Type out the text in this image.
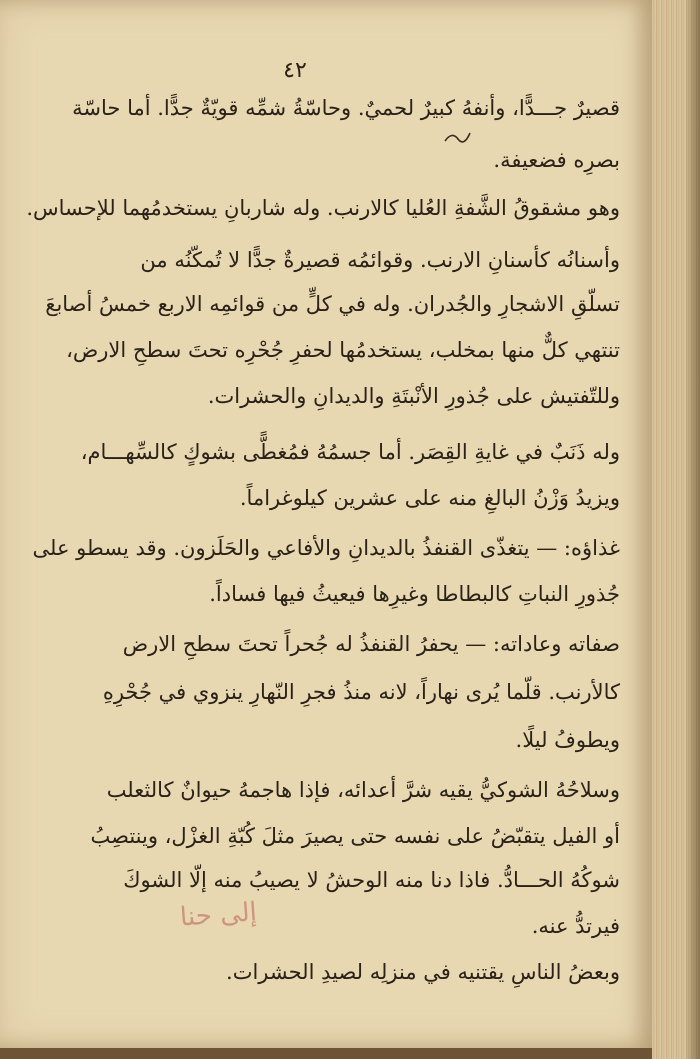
٤٢
قصيرٌ جـــدًّا، وأنفهُ كبيرٌ لحميٌ. وحاسّةُ شمِّه قويّةٌ جدًّا. أما حاسّة
بصرِه فضعيفة.
وهو مشقوقُ الشَّفةِ العُليا كالارنب. وله شاربانِ يستخدمُهما للإحساس.
وأسنانُه كأسنانِ الارنب. وقوائمُه قصيرةٌ جدًّا لا تُمكّنُه من
تسلّقِ الاشجارِ والجُدران. وله في كلٍّ من قوائمِه الاربع خمسُ أصابعَ
تنتهي كلٌّ منها بمخلب، يستخدمُها لحفرِ جُحْرِه تحتَ سطحِ الارض،
وللتّفتيش على جُذورِ الأنْبتَةِ والديدانِ والحشرات.
وله ذَنَبٌ في غايةِ القِصَر. أما جسمُهُ فمُغطًّى بشوكٍ كالسِّهـــام،
ويزيدُ وَزْنُ البالغِ منه على عشرين كيلوغراماً.
غذاؤه: — يتغذّى القنفذُ بالديدانِ والأفاعي والحَلَزون. وقد يسطو على
جُذورِ النباتِ كالبطاطا وغيرِها فيعيثُ فيها فساداً.
صفاته وعاداته: — يحفرُ القنفذُ له جُحراً تحتَ سطحِ الارض
كالأرنب. قلّما يُرى نهاراً، لانه منذُ فجرِ النّهارِ ينزوي في جُحْرِهِ
ويطوفُ ليلًا.
وسلاحُهُ الشوكيُّ يقيه شرَّ أعدائه، فإذا هاجمهُ حيوانٌ كالثعلب
أو الفيل يتقبّضُ على نفسه حتى يصيرَ مثلَ كُبّةِ الغزْل، وينتصِبُ
شوكُهُ الحـــادُّ. فاذا دنا منه الوحشُ لا يصيبُ منه إلّا الشوكَ
فيرتدُّ عنه.
وبعضُ الناسِ يقتنيه في منزلِه لصيدِ الحشرات.
إلى حنا
